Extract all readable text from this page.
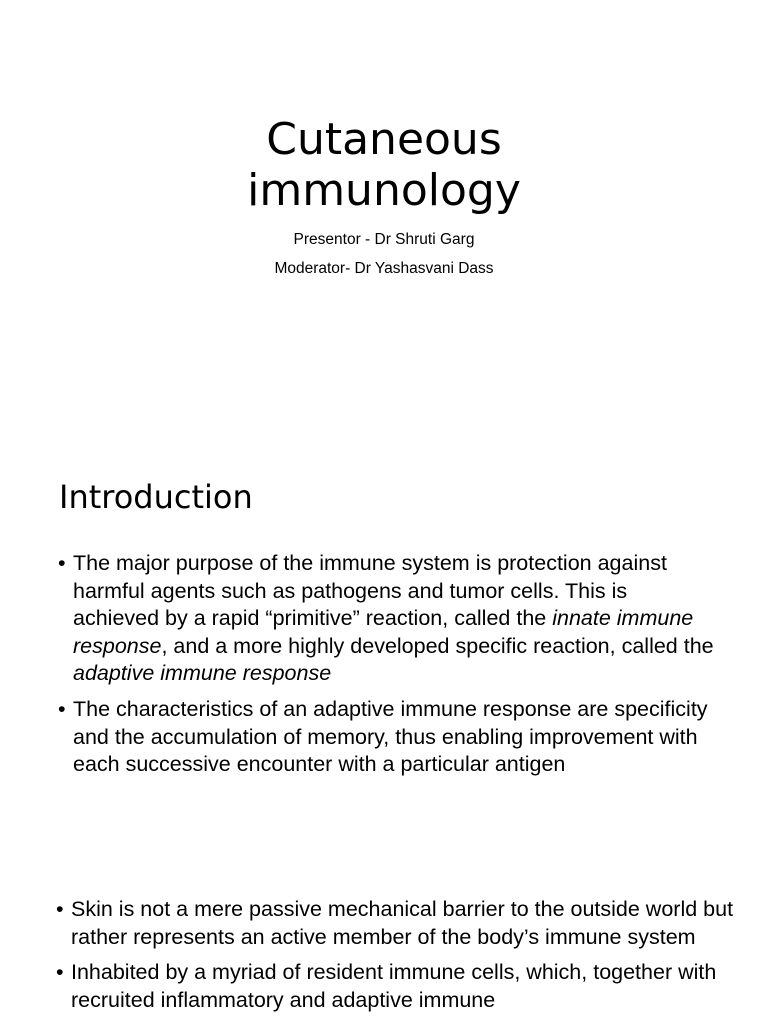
Cutaneous
immunology

Presentor - Dr Shruti Garg

Moderator- Dr Yashasvani Dass

Introduction
• The major purpose of the immune system is protection against harmful agents such as pathogens and tumor cells. This is achieved by a rapid “primitive” reaction, called the innate immune response, and a more highly developed specific reaction, called the adaptive immune response
• The characteristics of an adaptive immune response are specificity and the accumulation of memory, thus enabling improvement with each successive encounter with a particular antigen
• Skin is not a mere passive mechanical barrier to the outside world but rather represents an active member of the body’s immune system
• Inhabited by a myriad of resident immune cells, which, together with recruited inflammatory and adaptive immune
